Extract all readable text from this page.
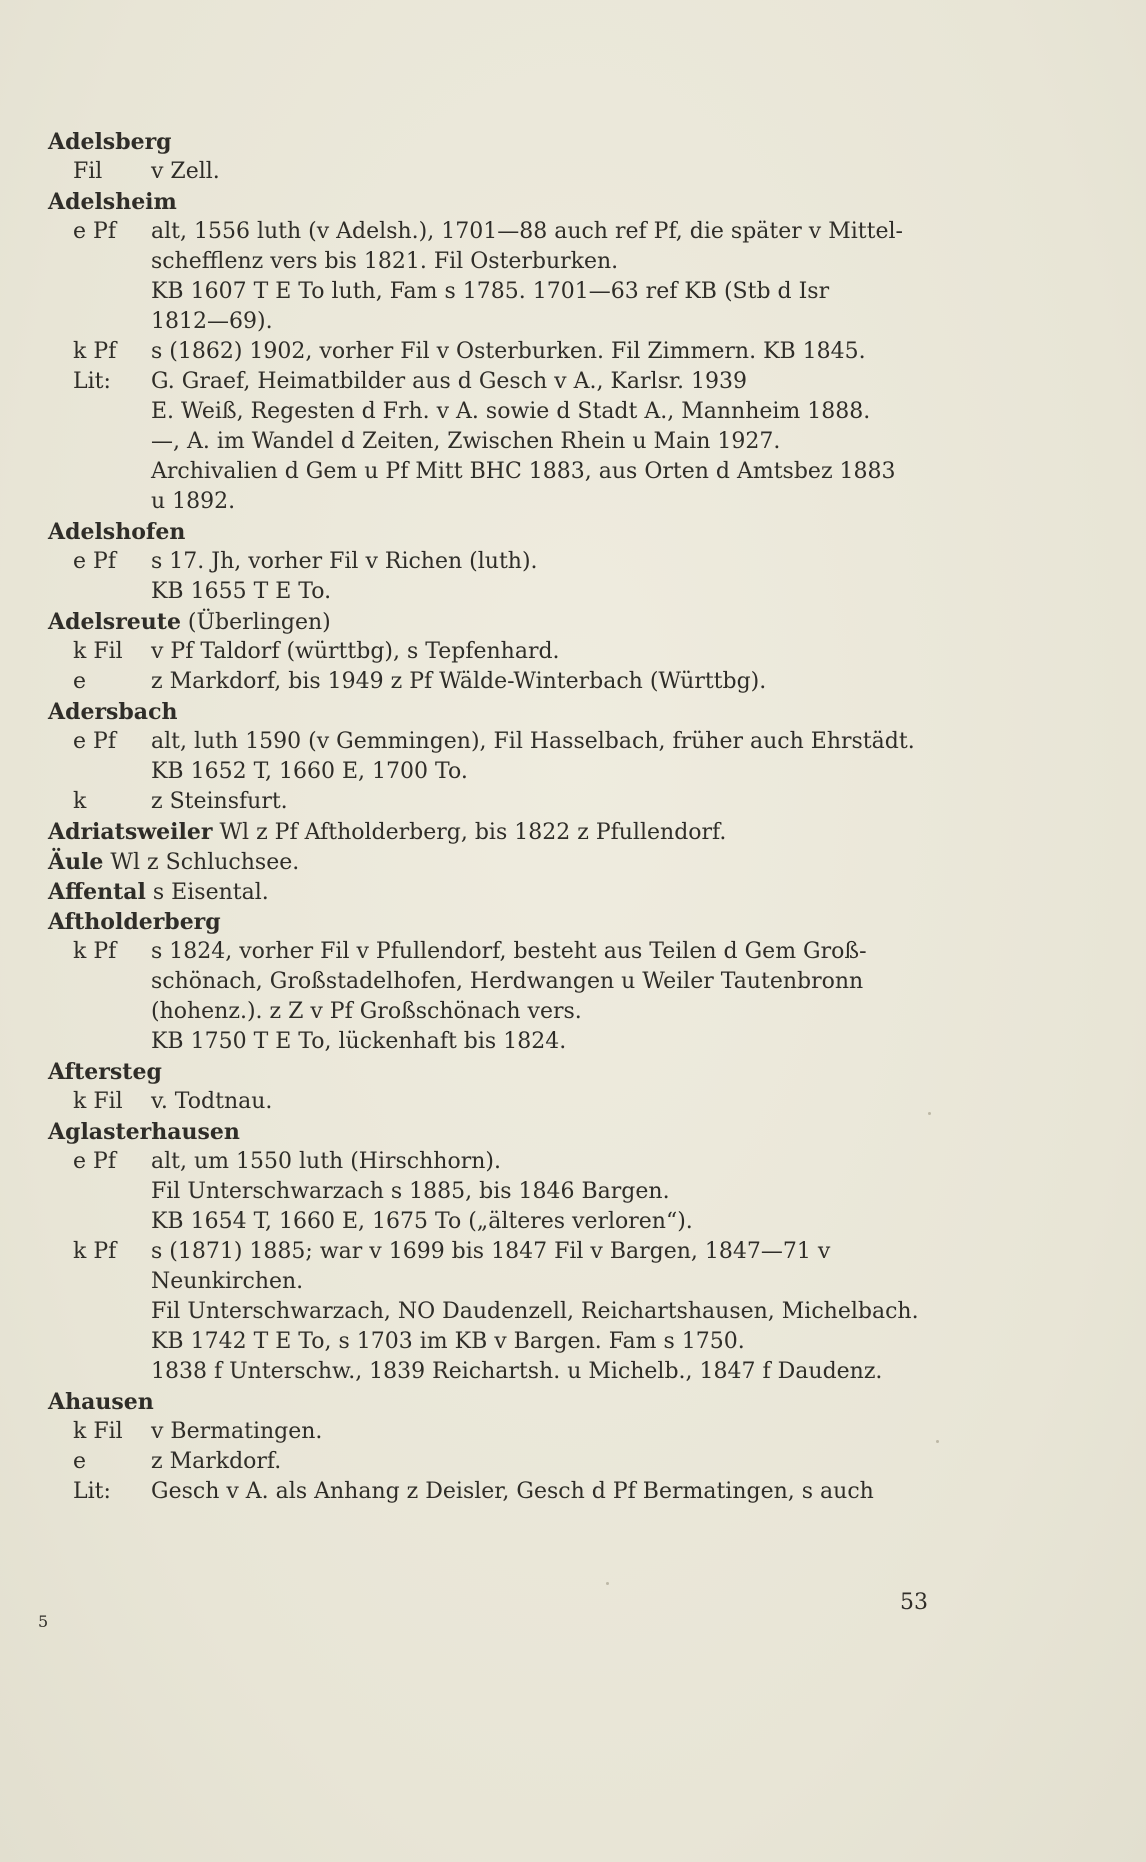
Adelsberg
Fil	v Zell.
Adelsheim
e Pf	alt, 1556 luth (v Adelsh.), 1701—88 auch ref Pf, die später v Mittel-
schefflenz vers bis 1821. Fil Osterburken.
KB 1607 T E To luth, Fam s 1785. 1701—63 ref KB (Stb d Isr
1812—69).
k Pf	s (1862) 1902, vorher Fil v Osterburken. Fil Zimmern. KB 1845.
Lit:	G. Graef, Heimatbilder aus d Gesch v A., Karlsr. 1939
E. Weiß, Regesten d Frh. v A. sowie d Stadt A., Mannheim 1888.
—, A. im Wandel d Zeiten, Zwischen Rhein u Main 1927.
Archivalien d Gem u Pf Mitt BHC 1883, aus Orten d Amtsbez 1883
u 1892.
Adelshofen
e Pf	s 17. Jh, vorher Fil v Richen (luth).
KB 1655 T E To.
Adelsreute (Überlingen)
k Fil	v Pf Taldorf (württbg), s Tepfenhard.
e	z Markdorf, bis 1949 z Pf Wälde-Winterbach (Württbg).
Adersbach
e Pf	alt, luth 1590 (v Gemmingen), Fil Hasselbach, früher auch Ehrstädt.
KB 1652 T, 1660 E, 1700 To.
k	z Steinsfurt.
Adriatsweiler Wl z Pf Aftholderberg, bis 1822 z Pfullendorf.
Äule Wl z Schluchsee.
Affental s Eisental.
Aftholderberg
k Pf	s 1824, vorher Fil v Pfullendorf, besteht aus Teilen d Gem Groß-
schönach, Großstadelhofen, Herdwangen u Weiler Tautenbronn
(hohenz.). z Z v Pf Großschönach vers.
KB 1750 T E To, lückenhaft bis 1824.
Aftersteg
k Fil	v. Todtnau.
Aglasterhausen
e Pf	alt, um 1550 luth (Hirschhorn).
Fil Unterschwarzach s 1885, bis 1846 Bargen.
KB 1654 T, 1660 E, 1675 To („älteres verloren“).
k Pf	s (1871) 1885; war v 1699 bis 1847 Fil v Bargen, 1847—71 v
Neunkirchen.
Fil Unterschwarzach, NO Daudenzell, Reichartshausen, Michelbach.
KB 1742 T E To, s 1703 im KB v Bargen. Fam s 1750.
1838 f Unterschw., 1839 Reichartsh. u Michelb., 1847 f Daudenz.
Ahausen
k Fil	v Bermatingen.
e	z Markdorf.
Lit:	Gesch v A. als Anhang z Deisler, Gesch d Pf Bermatingen, s auch
53
5
